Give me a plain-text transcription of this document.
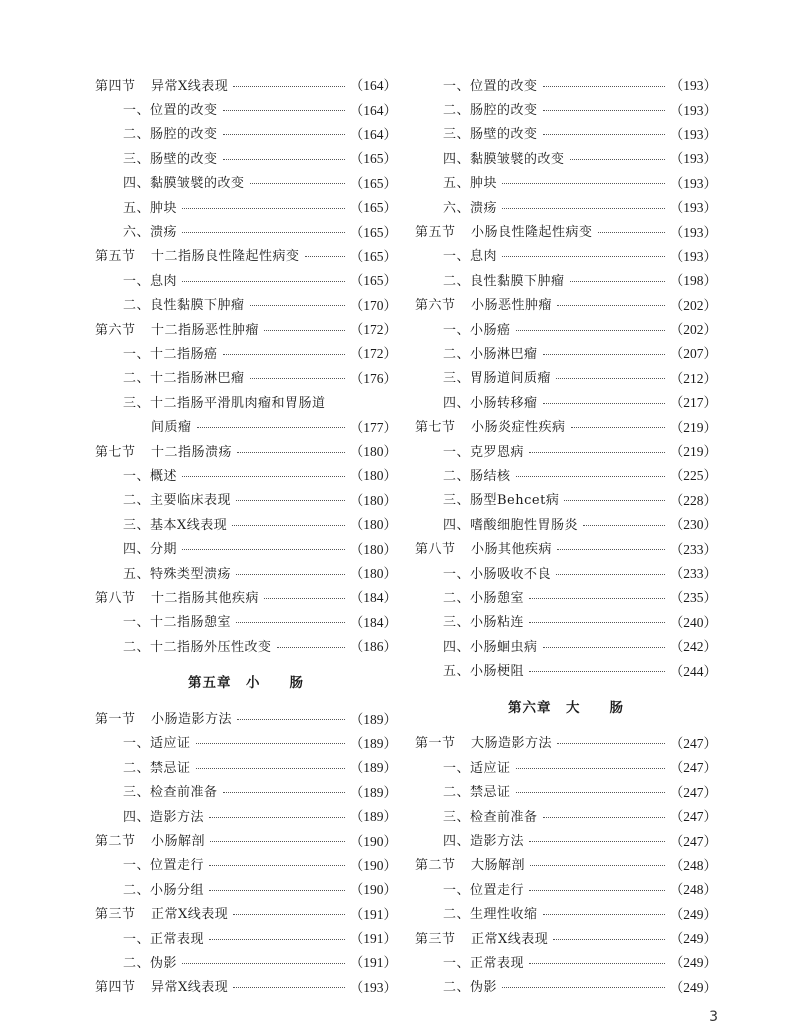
第四节 异常X线表现	（164）
一、位置的改变	（164）
二、肠腔的改变	（164）
三、肠壁的改变	（165）
四、黏膜皱襞的改变	（165）
五、肿块	（165）
六、溃疡	（165）
第五节 十二指肠良性隆起性病变	（165）
一、息肉	（165）
二、良性黏膜下肿瘤	（170）
第六节 十二指肠恶性肿瘤	（172）
一、十二指肠癌	（172）
二、十二指肠淋巴瘤	（176）
三、十二指肠平滑肌肉瘤和胃肠道
间质瘤	（177）
第七节 十二指肠溃疡	（180）
一、概述	（180）
二、主要临床表现	（180）
三、基本X线表现	（180）
四、分期	（180）
五、特殊类型溃疡	（180）
第八节 十二指肠其他疾病	（184）
一、十二指肠憩室	（184）
二、十二指肠外压性改变	（186）
第五章　小　　肠
第一节 小肠造影方法	（189）
一、适应证	（189）
二、禁忌证	（189）
三、检查前准备	（189）
四、造影方法	（189）
第二节 小肠解剖	（190）
一、位置走行	（190）
二、小肠分组	（190）
第三节 正常X线表现	（191）
一、正常表现	（191）
二、伪影	（191）
第四节 异常X线表现	（193）
一、位置的改变	（193）
二、肠腔的改变	（193）
三、肠壁的改变	（193）
四、黏膜皱襞的改变	（193）
五、肿块	（193）
六、溃疡	（193）
第五节 小肠良性隆起性病变	（193）
一、息肉	（193）
二、良性黏膜下肿瘤	（198）
第六节 小肠恶性肿瘤	（202）
一、小肠癌	（202）
二、小肠淋巴瘤	（207）
三、胃肠道间质瘤	（212）
四、小肠转移瘤	（217）
第七节 小肠炎症性疾病	（219）
一、克罗恩病	（219）
二、肠结核	（225）
三、肠型Behcet病	（228）
四、嗜酸细胞性胃肠炎	（230）
第八节 小肠其他疾病	（233）
一、小肠吸收不良	（233）
二、小肠憩室	（235）
三、小肠粘连	（240）
四、小肠蛔虫病	（242）
五、小肠梗阻	（244）
第六章　大　　肠
第一节 大肠造影方法	（247）
一、适应证	（247）
二、禁忌证	（247）
三、检查前准备	（247）
四、造影方法	（247）
第二节 大肠解剖	（248）
一、位置走行	（248）
二、生理性收缩	（249）
第三节 正常X线表现	（249）
一、正常表现	（249）
二、伪影	（249）
3
